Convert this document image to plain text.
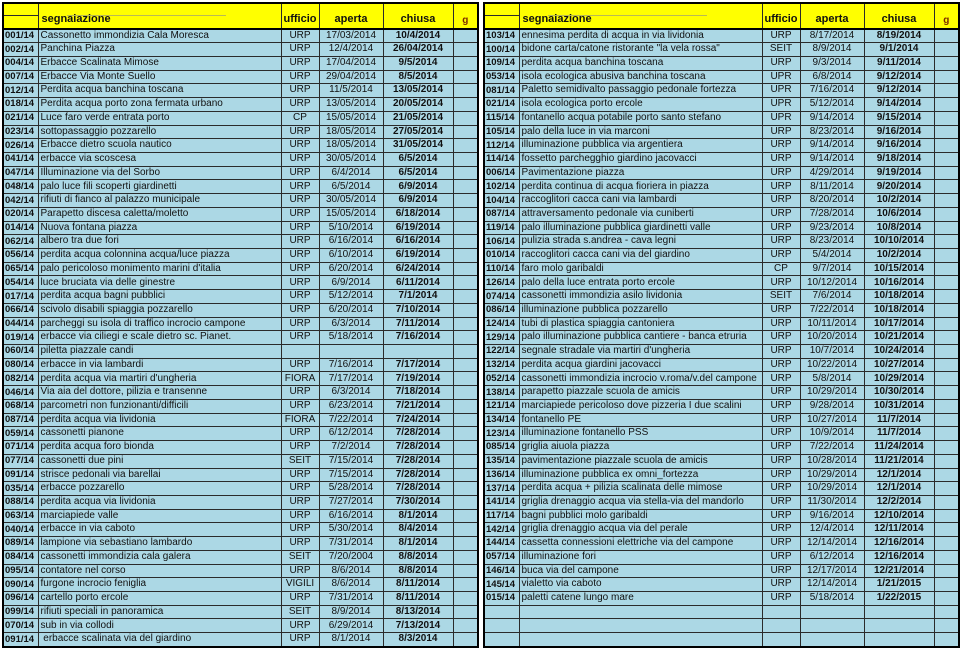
	segnalazione	ufficio	aperta	chiusa	g
001/14	Cassonetto immondizia Cala Moresca	URP	17/03/2014	10/4/2014	
002/14	Panchina Piazza	URP	12/4/2014	26/04/2014	
004/14	Erbacce Scalinata Mimose	URP	17/04/2014	9/5/2014	
007/14	Erbacce Via Monte Suello	URP	29/04/2014	8/5/2014	
012/14	Perdita acqua banchina toscana	URP	11/5/2014	13/05/2014	
018/14	Perdita acqua porto zona fermata urbano	URP	13/05/2014	20/05/2014	
021/14	Luce faro verde entrata porto	CP	15/05/2014	21/05/2014	
023/14	sottopassaggio pozzarello	URP	18/05/2014	27/05/2014	
026/14	Erbacce dietro scuola nautico	URP	18/05/2014	31/05/2014	
041/14	erbacce via scoscesa	URP	30/05/2014	6/5/2014	
047/14	Illuminazione via del Sorbo	URP	6/4/2014	6/5/2014	
048/14	palo luce fili scoperti giardinetti	URP	6/5/2014	6/9/2014	
042/14	rifiuti di fianco al palazzo municipale	URP	30/05/2014	6/9/2014	
020/14	Parapetto discesa caletta/moletto	URP	15/05/2014	6/18/2014	
014/14	Nuova fontana piazza	URP	5/10/2014	6/19/2014	
062/14	albero tra due fori	URP	6/16/2014	6/16/2014	
056/14	perdita acqua colonnina acqua/luce piazza	URP	6/10/2014	6/19/2014	
065/14	palo pericoloso monimento marini d'italia	URP	6/20/2014	6/24/2014	
054/14	luce bruciata via delle ginestre	URP	6/9/2014	6/11/2014	
017/14	perdita acqua bagni pubblici	URP	5/12/2014	7/1/2014	
066/14	scivolo disabili spiaggia pozzarello	URP	6/20/2014	7/10/2014	
044/14	parcheggi su isola di traffico incrocio campone	URP	6/3/2014	7/11/2014	
019/14	erbacce via ciliegi e scale dietro sc. Pianet.	URP	5/18/2014	7/16/2014	
060/14	piletta piazzale candi				
080/14	erbacce in via lambardi	URP	7/16/2014	7/17/2014	
082/14	perdita acqua via martiri d'ungheria	FIORA	7/17/2014	7/19/2014	
046/14	Via aia del dottore, pilizia e transenne	URP	6/3/2014	7/18/2014	
068/14	parcometri non funzionanti/difficili	URP	6/23/2014	7/21/2014	
087/14	perdita acqua via lividonia	FIORA	7/22/2014	7/24/2014	
059/14	cassonetti pianone	URP	6/12/2014	7/28/2014	
071/14	perdita acqua foro bionda	URP	7/2/2014	7/28/2014	
077/14	cassonetti due pini	SEIT	7/15/2014	7/28/2014	
091/14	strisce pedonali via barellai	URP	7/15/2014	7/28/2014	
035/14	erbacce pozzarello	URP	5/28/2014	7/28/2014	
088/14	perdita acqua via lividonia	URP	7/27/2014	7/30/2014	
063/14	marciapiede valle	URP	6/16/2014	8/1/2014	
040/14	erbacce in via caboto	URP	5/30/2014	8/4/2014	
089/14	lampione via sebastiano lambardo	URP	7/31/2014	8/1/2014	
084/14	cassonetti immondizia cala galera	SEIT	7/20/2004	8/8/2014	
095/14	contatore nel corso	URP	8/6/2014	8/8/2014	
090/14	furgone incrocio feniglia	VIGILI	8/6/2014	8/11/2014	
096/14	cartello porto ercole	URP	7/31/2014	8/11/2014	
099/14	rifiuti speciali in panoramica	SEIT	8/9/2014	8/13/2014	
070/14	sub in via collodi	URP	6/29/2014	7/13/2014	
091/14	erbacce scalinata via del giardino	URP	8/1/2014	8/3/2014	
	segnalazione	ufficio	aperta	chiusa	g
103/14	ennesima perdita di acqua in via lividonia	URP	8/17/2014	8/19/2014	
100/14	bidone carta/catone ristorante "la vela rossa"	SEIT	8/9/2014	9/1/2014	
109/14	perdita acqua banchina toscana	URP	9/3/2014	9/11/2014	
053/14	isola ecologica abusiva banchina toscana	UPR	6/8/2014	9/12/2014	
081/14	Paletto semidivalto passaggio pedonale fortezza	UPR	7/16/2014	9/12/2014	
021/14	isola ecologica porto ercole	UPR	5/12/2014	9/14/2014	
115/14	fontanello acqua potabile porto santo stefano	UPR	9/14/2014	9/15/2014	
105/14	palo della luce in via marconi	URP	8/23/2014	9/16/2014	
112/14	illuminazione pubblica via argentiera	URP	9/14/2014	9/16/2014	
114/14	fossetto parchegghio giardino jacovacci	URP	9/14/2014	9/18/2014	
006/14	Pavimentazione piazza	URP	4/29/2014	9/19/2014	
102/14	perdita continua di acqua fioriera in piazza	URP	8/11/2014	9/20/2014	
104/14	raccoglitori cacca cani via lambardi	URP	8/20/2014	10/2/2014	
087/14	attraversamento pedonale via cuniberti	URP	7/28/2014	10/6/2014	
119/14	palo illuminazione pubblica giardinetti valle	URP	9/23/2014	10/8/2014	
106/14	pulizia strada s.andrea - cava legni	URP	8/23/2014	10/10/2014	
010/14	raccoglitori cacca cani via del giardino	URP	5/4/2014	10/2/2014	
110/14	faro molo garibaldi	CP	9/7/2014	10/15/2014	
126/14	palo della luce entrata porto ercole	URP	10/12/2014	10/16/2014	
074/14	cassonetti immondizia asilo lividonia	SEIT	7/6/2014	10/18/2014	
086/14	illuminazione pubblica pozzarello	URP	7/22/2014	10/18/2014	
124/14	tubi di plastica spiaggia cantoniera	URP	10/11/2014	10/17/2014	
129/14	palo illuminazione pubblica cantiere - banca etruria	URP	10/20/2014	10/21/2014	
122/14	segnale stradale via martiri d'ungheria	URP	10/7/2014	10/24/2014	
132/14	perdita acqua giardini jacovacci	URP	10/22/2014	10/27/2014	
052/14	cassonetti immondizia incrocio v.roma/v.del campone	URP	5/8/2014	10/29/2014	
138/14	parapetto piazzale scuola de amicis	URP	10/29/2014	10/30/2014	
121/14	marciapiede pericoloso dove pizzeria I due scalini	URP	9/28/2014	10/31/2014	
134/14	fontanello PE	URP	10/27/2014	11/7/2014	
123/14	illuminazione fontanello PSS	URP	10/9/2014	11/7/2014	
085/14	griglia aiuola piazza	URP	7/22/2014	11/24/2014	
135/14	pavimentazione piazzale scuola de amicis	URP	10/28/2014	11/21/2014	
136/14	illuminazione pubblica ex omni_fortezza	URP	10/29/2014	12/1/2014	
137/14	perdita acqua + pilizia scalinata delle mimose	URP	10/29/2014	12/1/2014	
141/14	griglia drenaggio acqua via stella-via del mandorlo	URP	11/30/2014	12/2/2014	
117/14	bagni pubblici molo garibaldi	URP	9/16/2014	12/10/2014	
142/14	griglia drenaggio acqua via del perale	URP	12/4/2014	12/11/2014	
144/14	cassetta connessioni elettriche via del campone	URP	12/14/2014	12/16/2014	
057/14	illuminazione fori	URP	6/12/2014	12/16/2014	
146/14	buca via del campone	URP	12/17/2014	12/21/2014	
145/14	vialetto via caboto	URP	12/14/2014	1/21/2015	
015/14	paletti catene lungo mare	URP	5/18/2014	1/22/2015	
